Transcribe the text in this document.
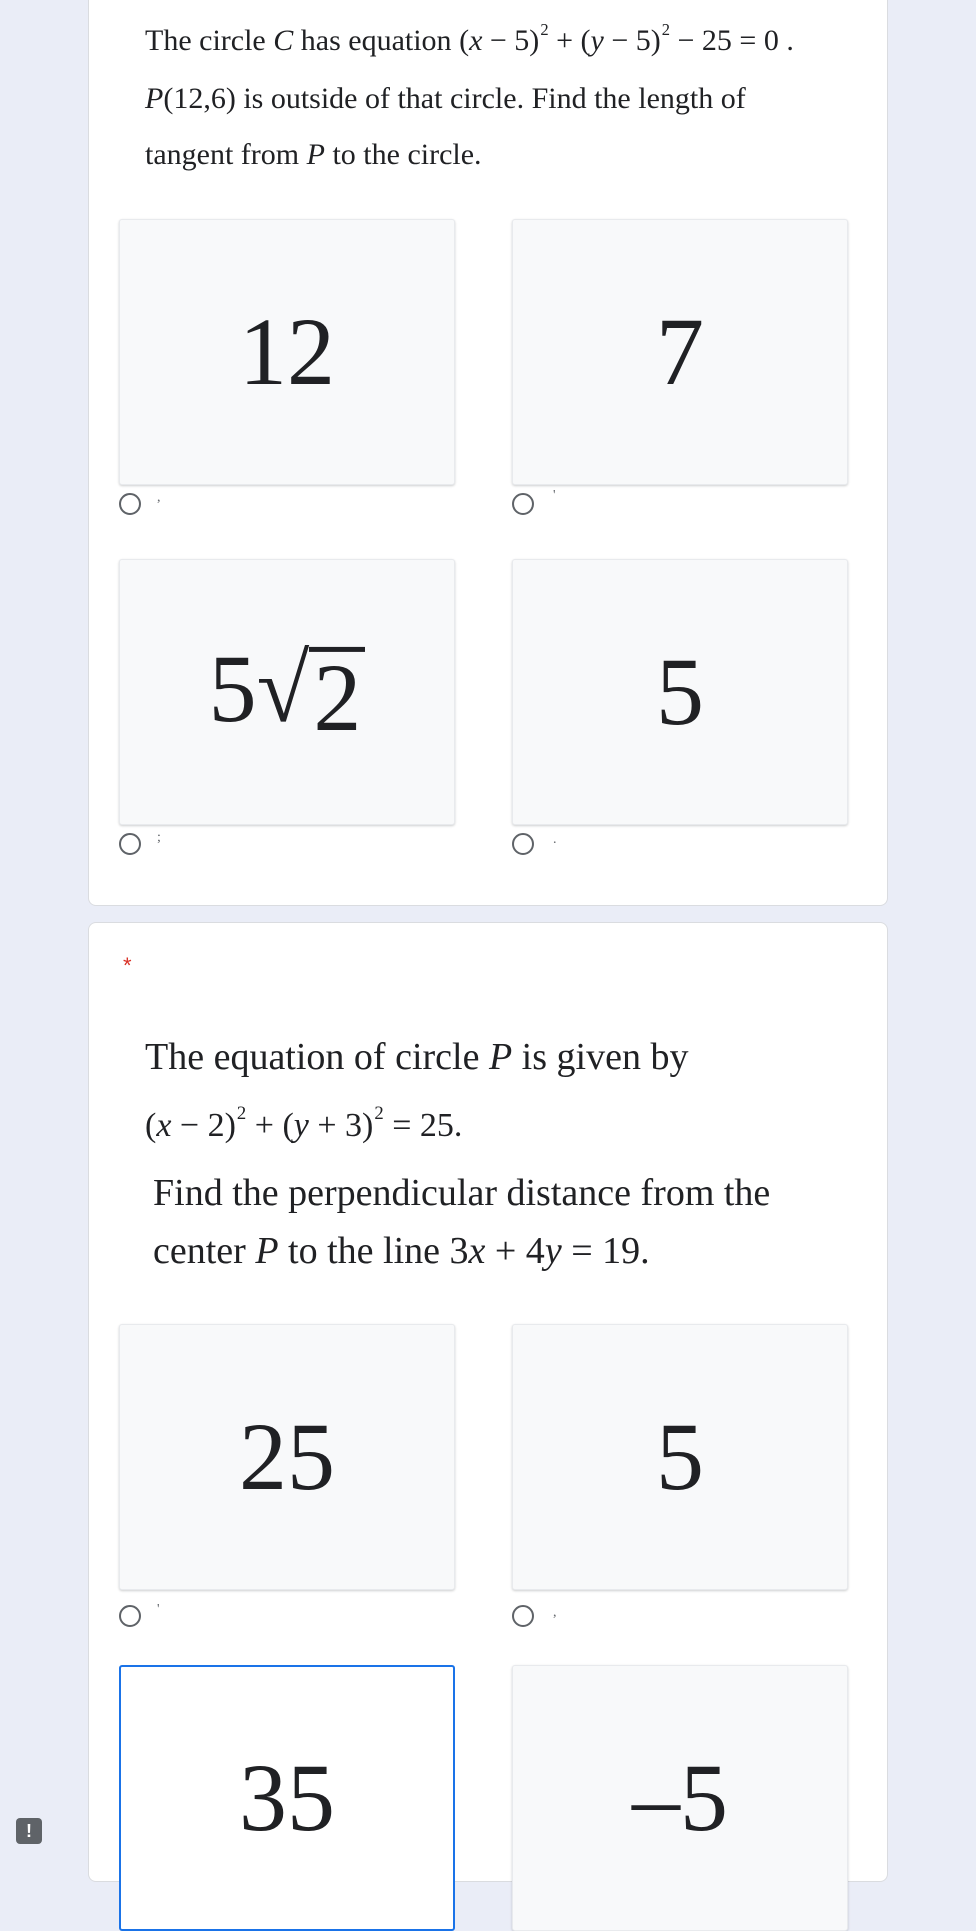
The circle C has equation $(x - 5)^2 + (y - 5)^2 - 25 = 0$ .
P(12,6) is outside of that circle. Find the length of
tangent from P to the circle.
12
,
7
'
5 √ 2
;
5
.
*
The equation of circle P is given by
$(x - 2)^2 + (y + 3)^2 = 25$.
Find the perpendicular distance from the
center P to the line 3x + 4y = 19.
25
'
5
,
35	–5
!
